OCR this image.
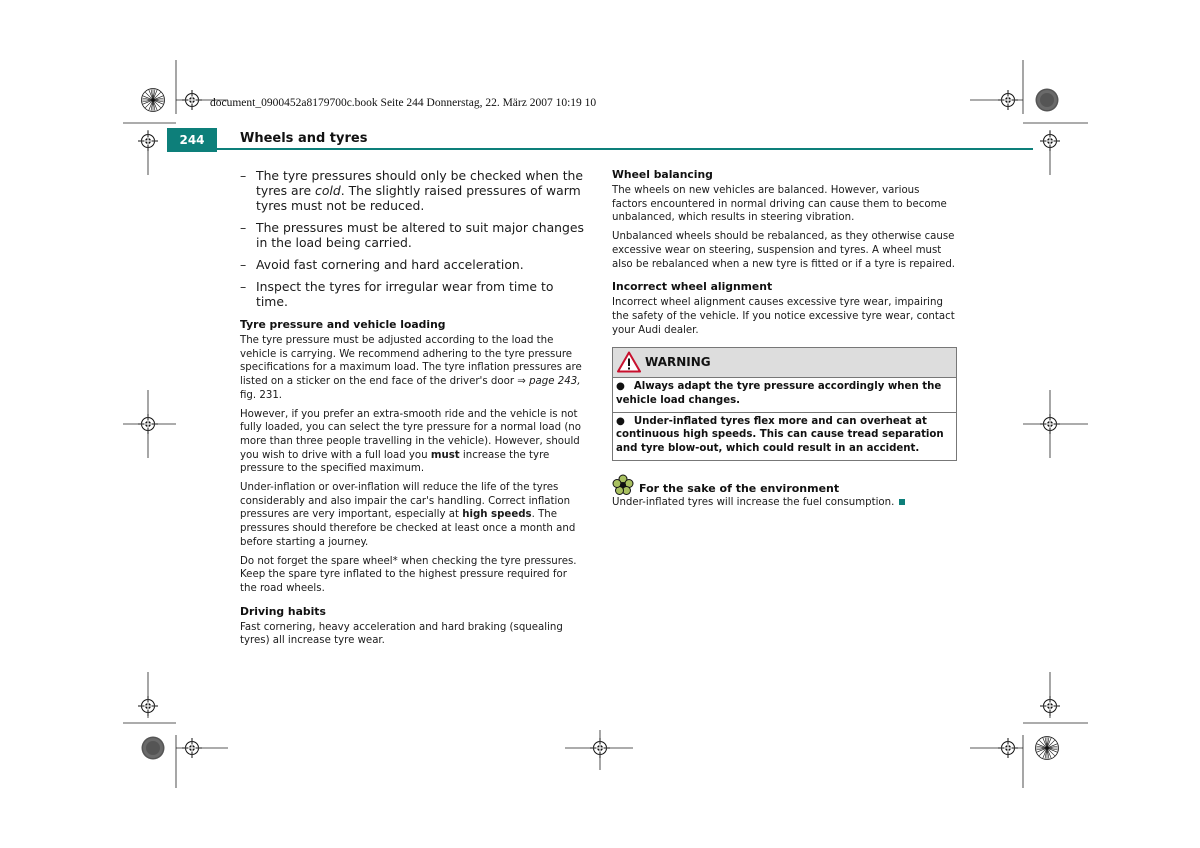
document_0900452a8179700c.book Seite 244 Donnerstag, 22. März 2007 10:19 10
244	Wheels and tyres
– The tyre pressures should only be checked when the tyres are cold. The slightly raised pressures of warm tyres must not be reduced.
– The pressures must be altered to suit major changes in the load being carried.
– Avoid fast cornering and hard acceleration.
– Inspect the tyres for irregular wear from time to time.
Tyre pressure and vehicle loading

The tyre pressure must be adjusted according to the load the vehicle is carrying. We recommend adhering to the tyre pressure specifications for a maximum load. The tyre inflation pressures are listed on a sticker on the end face of the driver's door ⇒ page 243, fig. 231.

However, if you prefer an extra-smooth ride and the vehicle is not fully loaded, you can select the tyre pressure for a normal load (no more than three people travelling in the vehicle). However, should you wish to drive with a full load you must increase the tyre pressure to the specified maximum.

Under-inflation or over-inflation will reduce the life of the tyres considerably and also impair the car's handling. Correct inflation pressures are very important, especially at high speeds. The pressures should therefore be checked at least once a month and before starting a journey.

Do not forget the spare wheel* when checking the tyre pressures. Keep the spare tyre inflated to the highest pressure required for the road wheels.

Driving habits

Fast cornering, heavy acceleration and hard braking (squealing tyres) all increase tyre wear.

Wheel balancing

The wheels on new vehicles are balanced. However, various factors encountered in normal driving can cause them to become unbalanced, which results in steering vibration.

Unbalanced wheels should be rebalanced, as they otherwise cause excessive wear on steering, suspension and tyres. A wheel must also be rebalanced when a new tyre is fitted or if a tyre is repaired.

Incorrect wheel alignment

Incorrect wheel alignment causes excessive tyre wear, impairing the safety of the vehicle. If you notice excessive tyre wear, contact your Audi dealer.

WARNING
● Always adapt the tyre pressure accordingly when the vehicle load changes.
● Under-inflated tyres flex more and can overheat at continuous high speeds. This can cause tread separation and tyre blow-out, which could result in an accident.
For the sake of the environment

Under-inflated tyres will increase the fuel consumption.
